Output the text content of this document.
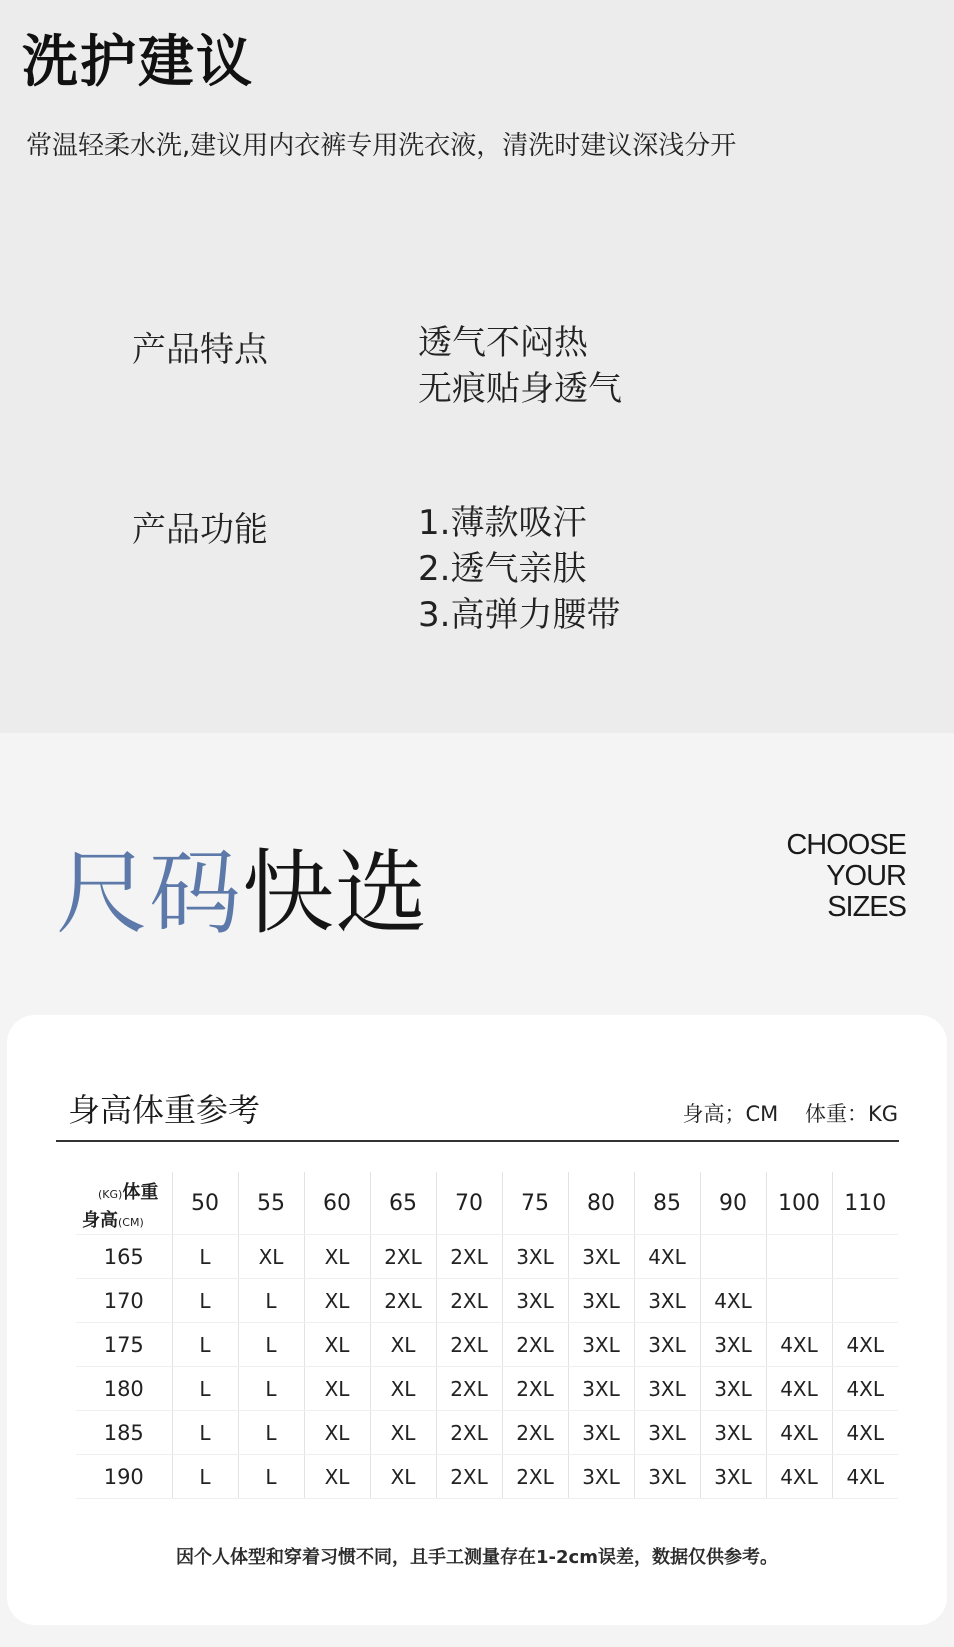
洗护建议
常温轻柔水洗,建议用内衣裤专用洗衣液，清洗时建议深浅分开
产品特点	透气不闷热
无痕贴身透气
产品功能	1.薄款吸汗
2.透气亲肤
3.高弹力腰带
尺码快选	CHOOSE
YOUR
SIZES
身高体重参考	身高；CM 体重：KG
(KG)体重
身高(CM)	50	55	60	65	70	75	80	85	90	100	110
165	L	XL	XL	2XL	2XL	3XL	3XL	4XL			
170	L	L	XL	2XL	2XL	3XL	3XL	3XL	4XL		
175	L	L	XL	XL	2XL	2XL	3XL	3XL	3XL	4XL	4XL
180	L	L	XL	XL	2XL	2XL	3XL	3XL	3XL	4XL	4XL
185	L	L	XL	XL	2XL	2XL	3XL	3XL	3XL	4XL	4XL
190	L	L	XL	XL	2XL	2XL	3XL	3XL	3XL	4XL	4XL
因个人体型和穿着习惯不同，且手工测量存在1-2cm误差，数据仅供参考。
